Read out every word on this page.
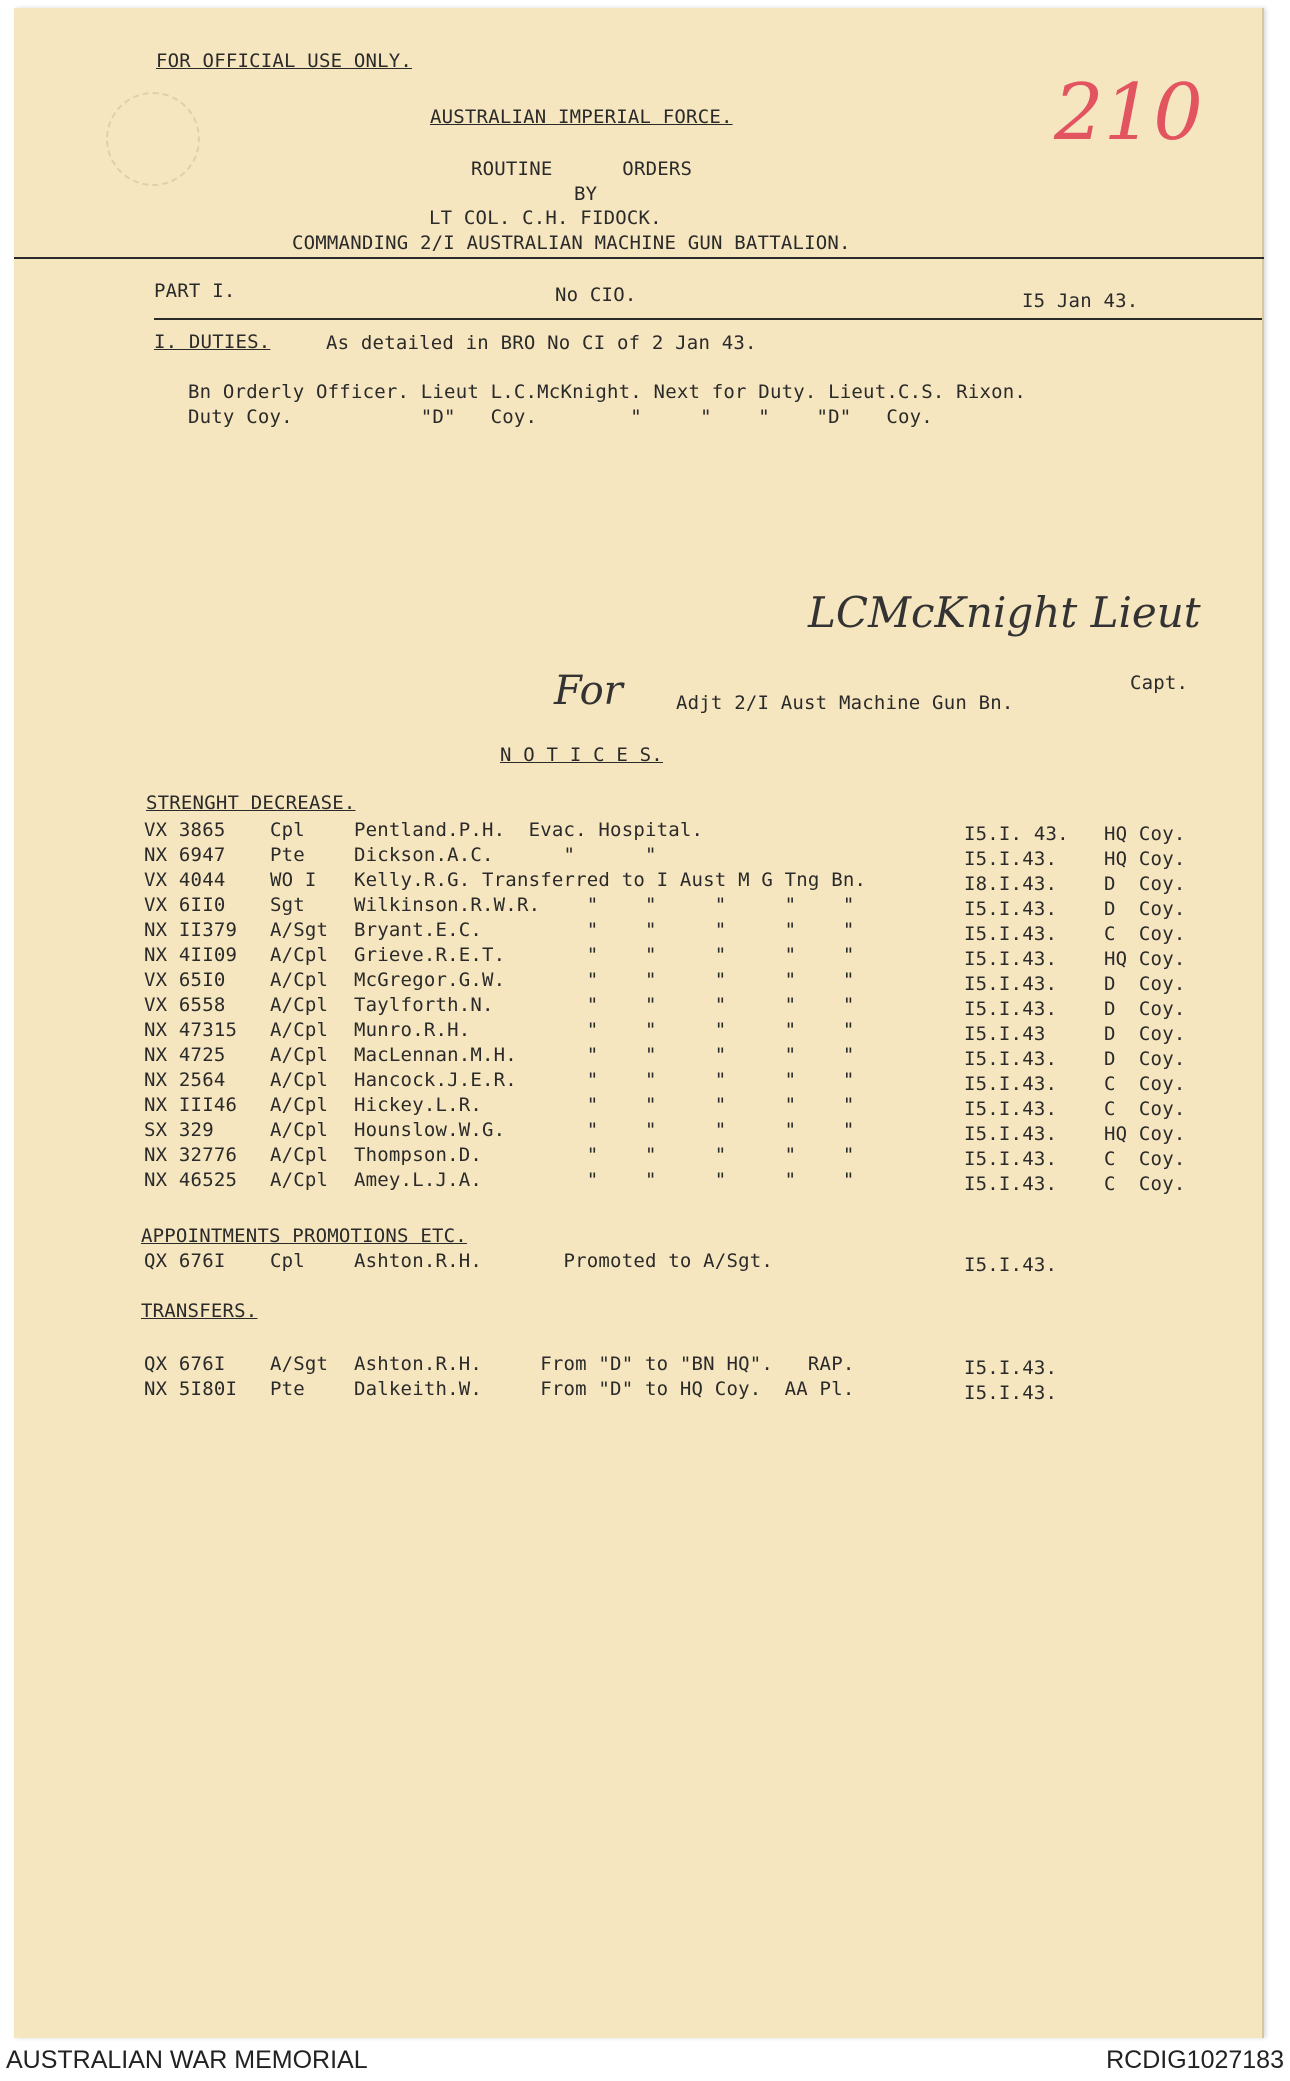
FOR OFFICIAL USE ONLY.
AUSTRALIAN IMPERIAL FORCE.
ROUTINE      ORDERS
BY
LT COL. C.H. FIDOCK.
COMMANDING 2/I AUSTRALIAN MACHINE GUN BATTALION.
210
PART I.	No CIO.	I5 Jan 43.
I. DUTIES.	As detailed in BRO No CI of 2 Jan 43.
Bn Orderly Officer. Lieut L.C.McKnight. Next for Duty. Lieut.C.S. Rixon.
Duty Coy.           "D"   Coy.        "     "    "    "D"   Coy.
LCMcKnight Lieut
For	Adjt 2/I Aust Machine Gun Bn.
Capt.
N O T I C E S.
STRENGHT DECREASE.
VX 3865 Cpl	Pentland.P.H.  Evac. Hospital.	I5.I. 43. HQ Coy.
NX 6947 Pte	Dickson.A.C.      "      "	I5.I.43. HQ Coy.
VX 4044 WO I Kelly.R.G. Transferred to I Aust M G Tng Bn.	I8.I.43. D  Coy.
VX 6II0 Sgt	Wilkinson.R.W.R.    "    "     "     "    "	I5.I.43. D  Coy.
NX II379 A/Sgt Bryant.E.C.         "    "     "     "    "	I5.I.43. C  Coy.
NX 4II09 A/Cpl Grieve.R.E.T.       "    "     "     "    "	I5.I.43. HQ Coy.
VX 65I0 A/Cpl McGregor.G.W.       "    "     "     "    "	I5.I.43. D  Coy.
VX 6558 A/Cpl Taylforth.N.        "    "     "     "    "	I5.I.43. D  Coy.
NX 47315 A/Cpl Munro.R.H.          "    "     "     "    "	I5.I.43	D  Coy.
NX 4725 A/Cpl MacLennan.M.H.      "    "     "     "    "	I5.I.43. D  Coy.
NX 2564 A/Cpl Hancock.J.E.R.      "    "     "     "    "	I5.I.43. C  Coy.
NX III46 A/Cpl Hickey.L.R.         "    "     "     "    "	I5.I.43. C  Coy.
SX 329	A/Cpl Hounslow.W.G.       "    "     "     "    "	I5.I.43. HQ Coy.
NX 32776 A/Cpl Thompson.D.         "    "     "     "    "	I5.I.43. C  Coy.
NX 46525 A/Cpl Amey.L.J.A.         "    "     "     "    "	I5.I.43. C  Coy.
APPOINTMENTS PROMOTIONS ETC.
QX 676I Cpl	Ashton.R.H.       Promoted to A/Sgt.	I5.I.43.
TRANSFERS.
QX 676I A/Sgt Ashton.R.H.     From "D" to "BN HQ".   RAP.	I5.I.43.
NX 5I80I Pte	Dalkeith.W.     From "D" to HQ Coy.  AA Pl.	I5.I.43.
AUSTRALIAN WAR MEMORIAL	RCDIG1027183
